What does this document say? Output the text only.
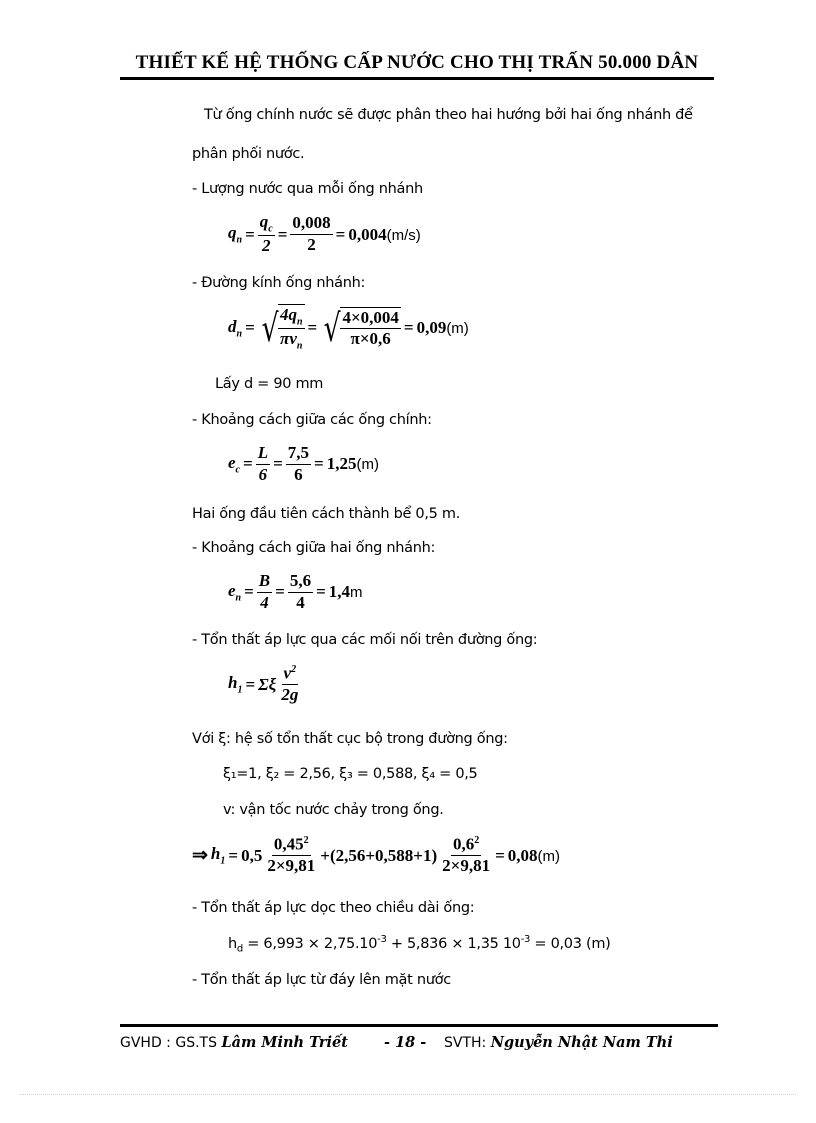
THIẾT KẾ HỆ THỐNG CẤP NƯỚC CHO THỊ TRẤN 50.000 DÂN
Từ ống chính nước sẽ được phân theo hai hướng bởi hai ống nhánh để
phân phối nước.
- Lượng nước qua mỗi ống nhánh
$q_n = \frac{q_c}{2} = \frac{0,008}{2} = 0,004(m/s)$
- Đường kính ống nhánh:
$d_n$ = √ $\frac{4q_n}{\pi v_n}$ = √ $\frac{4\times 0,004}{\pi\times 0,6} = 0,09(m)$
Lấy d = 90 mm
- Khoảng cách giữa các ống chính:
$e_c = \frac{L}{6} = \frac{7,5}{6} = 1,25(m)$
Hai ống đầu tiên cách thành bể 0,5 m.
- Khoảng cách giữa hai ống nhánh:
$e_n = \frac{B}{4} = \frac{5,6}{4} = 1,4m$
- Tổn thất áp lực qua các mối nối trên đường ống:
$h_1 = \Sigma\xi \frac{v^2}{2g}$
Với ξ: hệ số tổn thất cục bộ trong đường ống:
ξ₁=1, ξ₂ = 2,56, ξ₃ = 0,588, ξ₄ = 0,5
v: vận tốc nước chảy trong ống.
⇒ $h_1 = 0,5 \frac{0,45^2}{2\times 9,81} +(2,56+0,588+1) \frac{0,6^2}{2\times 9,81} = 0,08(m)$
- Tổn thất áp lực dọc theo chiều dài ống:
$h_d = 6,993 \times 2,75.10^{-3} + 5,836 \times 1,35$ $10^{-3} = 0,03$ (m)
- Tổn thất áp lực từ đáy lên mặt nước
GVHD : GS.TS Lâm Minh Triết - 18 - SVTH: Nguyễn Nhật Nam Thi
